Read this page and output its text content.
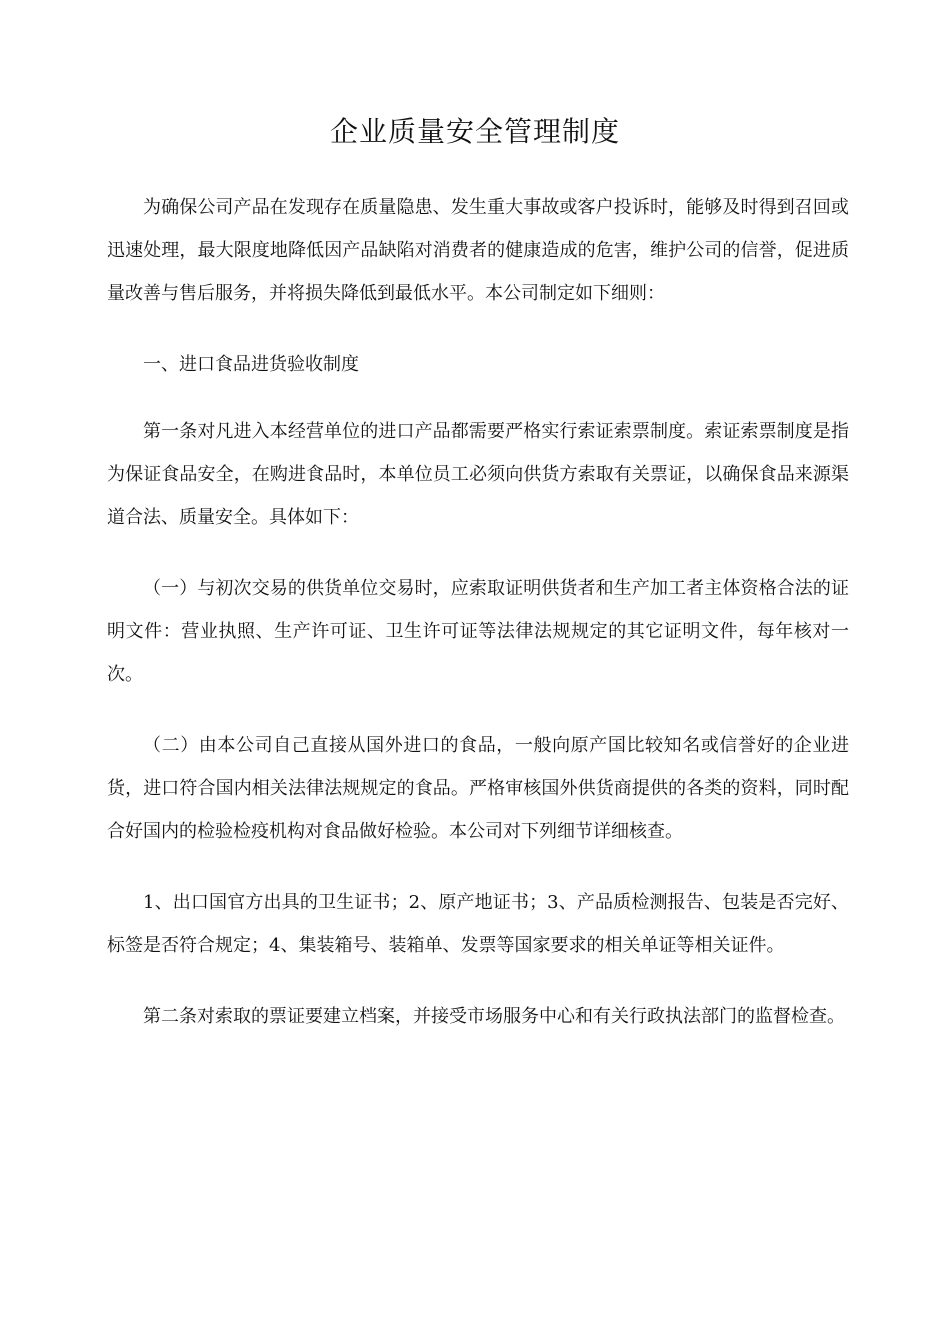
企业质量安全管理制度

为确保公司产品在发现存在质量隐患、发生重大事故或客户投诉时，能够及时得到召回或迅速处理，最大限度地降低因产品缺陷对消费者的健康造成的危害，维护公司的信誉，促进质量改善与售后服务，并将损失降低到最低水平。本公司制定如下细则：

一、进口食品进货验收制度

第一条对凡进入本经营单位的进口产品都需要严格实行索证索票制度。索证索票制度是指为保证食品安全，在购进食品时，本单位员工必须向供货方索取有关票证，以确保食品来源渠道合法、质量安全。具体如下：

（一）与初次交易的供货单位交易时，应索取证明供货者和生产加工者主体资格合法的证明文件：营业执照、生产许可证、卫生许可证等法律法规规定的其它证明文件，每年核对一次。

（二）由本公司自己直接从国外进口的食品，一般向原产国比较知名或信誉好的企业进货，进口符合国内相关法律法规规定的食品。严格审核国外供货商提供的各类的资料，同时配合好国内的检验检疫机构对食品做好检验。本公司对下列细节详细核查。

1、出口国官方出具的卫生证书；2、原产地证书；3、产品质检测报告、包装是否完好、标签是否符合规定；4、集装箱号、装箱单、发票等国家要求的相关单证等相关证件。

第二条对索取的票证要建立档案，并接受市场服务中心和有关行政执法部门的监督检查。
